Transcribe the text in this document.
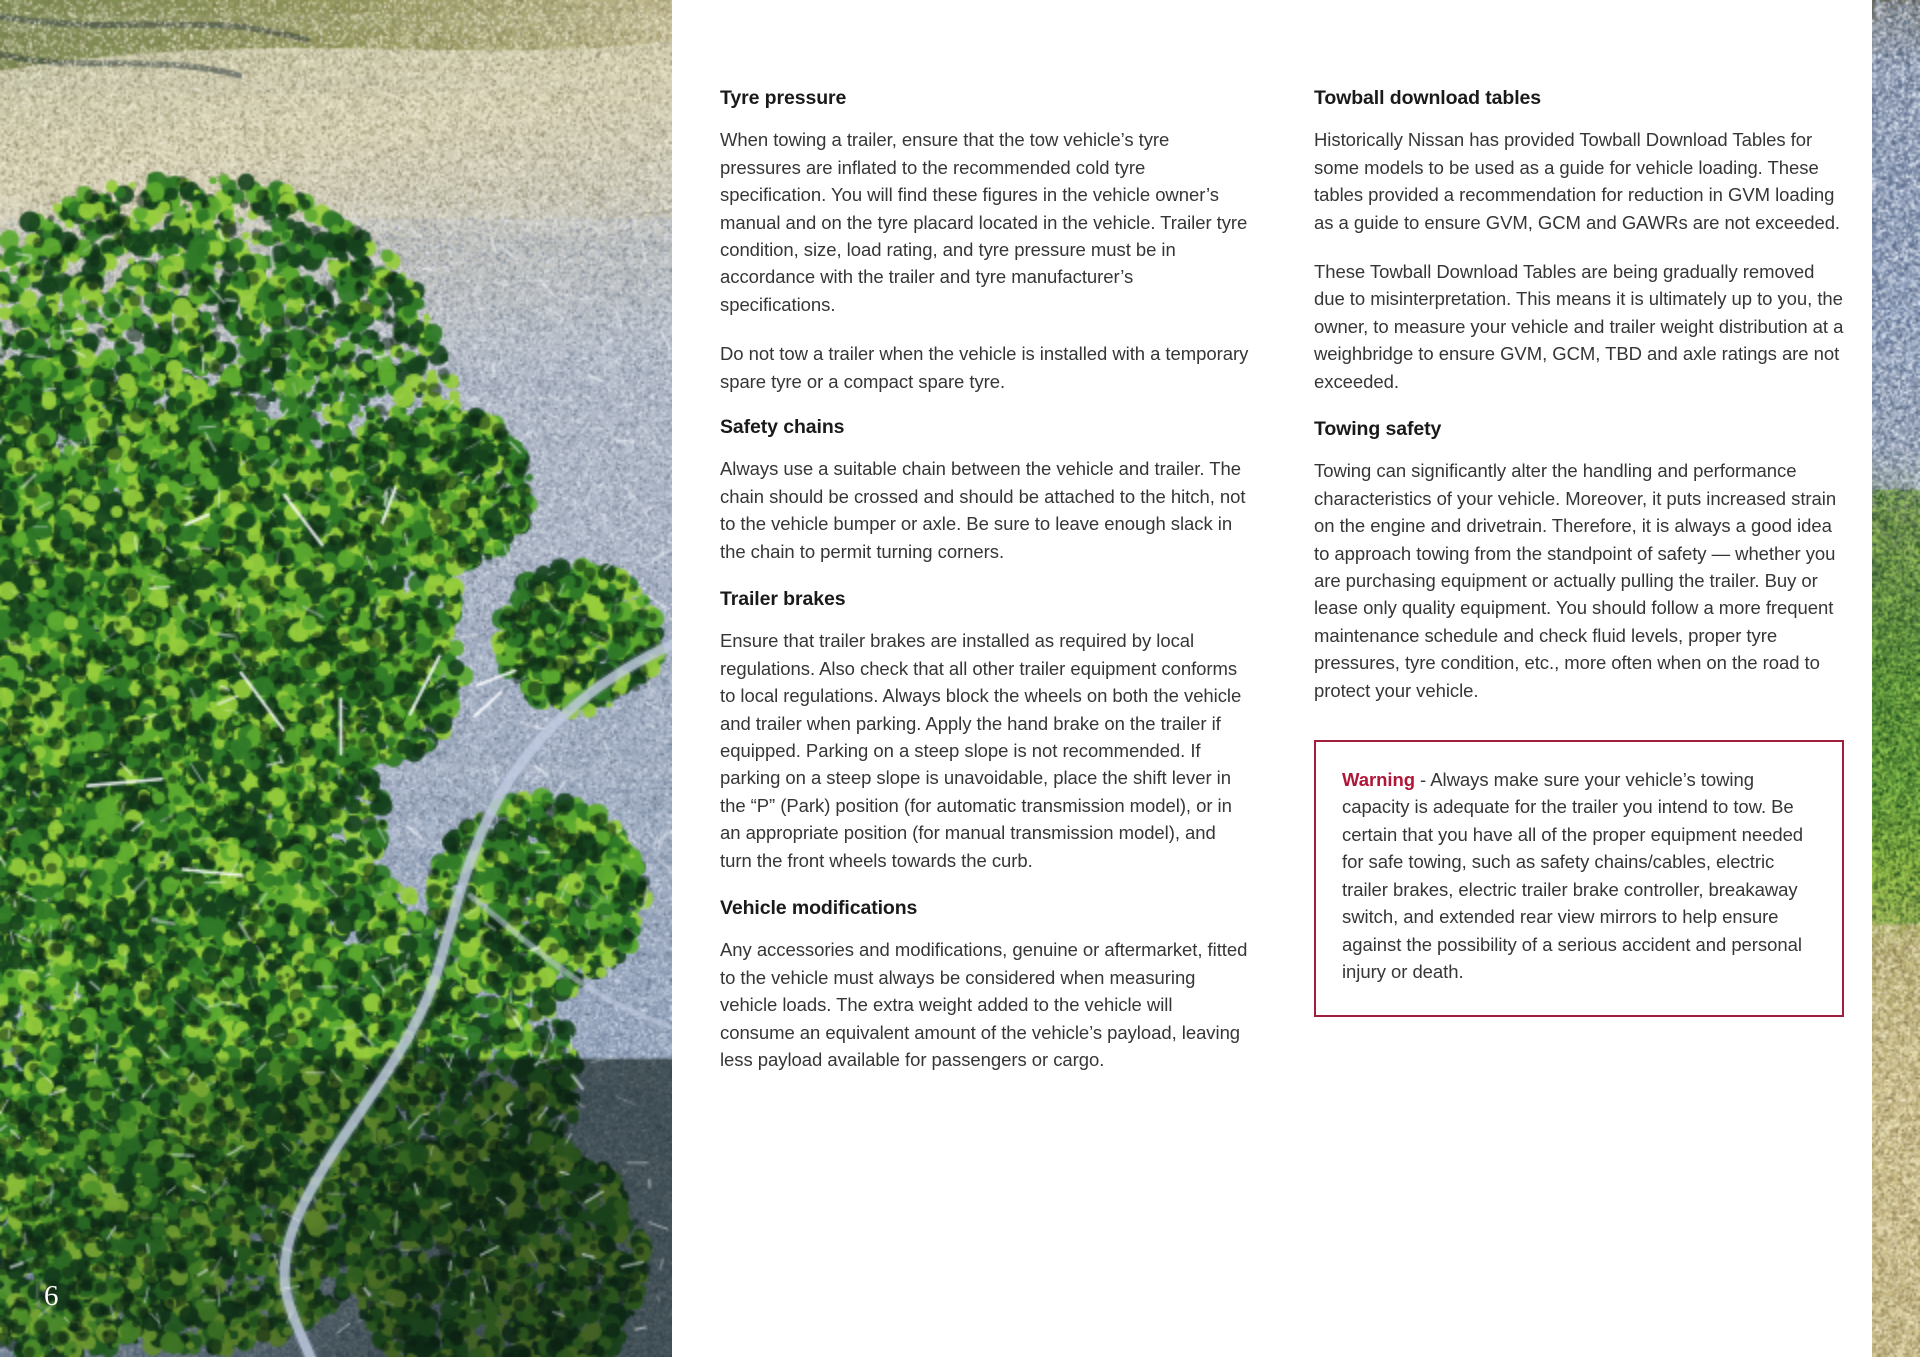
6
Tyre pressure

When towing a trailer, ensure that the tow vehicle’s tyre pressures are inflated to the recommended cold tyre specification. You will find these figures in the vehicle owner’s manual and on the tyre placard located in the vehicle. Trailer tyre condition, size, load rating, and tyre pressure must be in accordance with the trailer and tyre manufacturer’s specifications.

Do not tow a trailer when the vehicle is installed with a temporary spare tyre or a compact spare tyre.

Safety chains

Always use a suitable chain between the vehicle and trailer. The chain should be crossed and should be attached to the hitch, not to the vehicle bumper or axle. Be sure to leave enough slack in the chain to permit turning corners.

Trailer brakes

Ensure that trailer brakes are installed as required by local regulations. Also check that all other trailer equipment conforms to local regulations. Always block the wheels on both the vehicle and trailer when parking. Apply the hand brake on the trailer if equipped. Parking on a steep slope is not recommended. If parking on a steep slope is unavoidable, place the shift lever in the “P” (Park) position (for automatic transmission model), or in an appropriate position (for manual transmission model), and turn the front wheels towards the curb.

Vehicle modifications

Any accessories and modifications, genuine or aftermarket, fitted to the vehicle must always be considered when measuring vehicle loads. The extra weight added to the vehicle will consume an equivalent amount of the vehicle’s payload, leaving less payload available for passengers or cargo.

Towball download tables

Historically Nissan has provided Towball Download Tables for some models to be used as a guide for vehicle loading. These tables provided a recommendation for reduction in GVM loading as a guide to ensure GVM, GCM and GAWRs are not exceeded.

These Towball Download Tables are being gradually removed due to misinterpretation. This means it is ultimately up to you, the owner, to measure your vehicle and trailer weight distribution at a weighbridge to ensure GVM, GCM, TBD and axle ratings are not exceeded.

Towing safety

Towing can significantly alter the handling and performance characteristics of your vehicle. Moreover, it puts increased strain on the engine and drivetrain. Therefore, it is always a good idea to approach towing from the standpoint of safety — whether you are purchasing equipment or actually pulling the trailer. Buy or lease only quality equipment. You should follow a more frequent maintenance schedule and check fluid levels, proper tyre pressures, tyre condition, etc., more often when on the road to protect your vehicle.

Warning - Always make sure your vehicle’s towing capacity is adequate for the trailer you intend to tow. Be certain that you have all of the proper equipment needed for safe towing, such as safety chains/cables, electric trailer brakes, electric trailer brake controller, breakaway switch, and extended rear view mirrors to help ensure against the possibility of a serious accident and personal injury or death.
